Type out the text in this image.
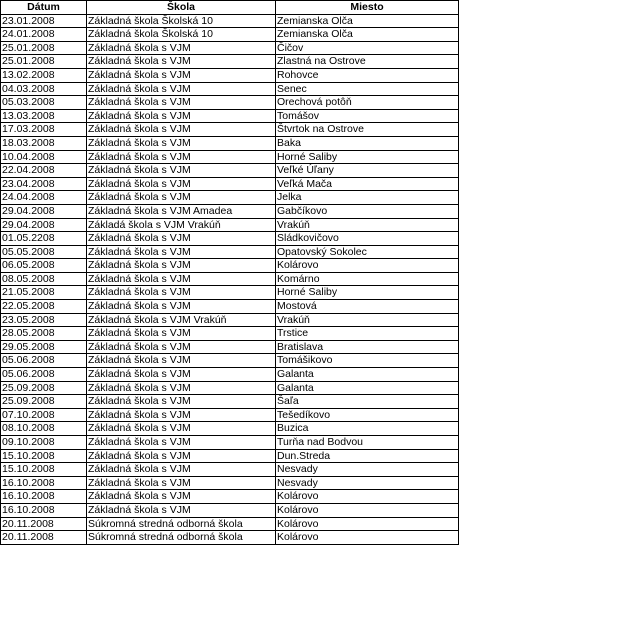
Dátum	Škola	Miesto
23.01.2008	Základná škola Školská 10	Zemianska Olča
24.01.2008	Základná škola Školská 10	Zemianska Olča
25.01.2008	Základná škola s VJM	Čičov
25.01.2008	Základná škola s VJM	Zlastná na Ostrove
13.02.2008	Základná škola s VJM	Rohovce
04.03.2008	Základná škola s VJM	Senec
05.03.2008	Základná škola s VJM	Orechová potôň
13.03.2008	Základná škola s VJM	Tomášov
17.03.2008	Základná škola s VJM	Štvrtok na Ostrove
18.03.2008	Základná škola s VJM	Baka
10.04.2008	Základná škola s VJM	Horné Saliby
22.04.2008	Základná škola s VJM	Veľké Úľany
23.04.2008	Základná škola s VJM	Veľká Mača
24.04.2008	Základná škola s VJM	Jelka
29.04.2008	Základná škola s VJM Amadea	Gabčíkovo
29.04.2008	Základá škola s VJM Vrakúň	Vrakúň
01.05.2208	Základná škola s VJM	Sládkovičovo
05.05.2008	Základná škola s VJM	Opatovský Sokolec
06.05.2008	Základná škola s VJM	Kolárovo
08.05.2008	Základná škola s VJM	Komárno
21.05.2008	Základná škola s VJM	Horné Saliby
22.05.2008	Základná škola s VJM	Mostová
23.05.2008	Základná škola s VJM Vrakúň	Vrakúň
28.05.2008	Základná škola s VJM	Trstice
29.05.2008	Základná škola s VJM	Bratislava
05.06.2008	Základná škola s VJM	Tomášikovo
05.06.2008	Základná škola s VJM	Galanta
25.09.2008	Základná škola s VJM	Galanta
25.09.2008	Základná škola s VJM	Šaľa
07.10.2008	Základná škola s VJM	Tešedíkovo
08.10.2008	Základná škola s VJM	Buzica
09.10.2008	Základná škola s VJM	Turňa nad Bodvou
15.10.2008	Základná škola s VJM	Dun.Streda
15.10.2008	Základná škola s VJM	Nesvady
16.10.2008	Základná škola s VJM	Nesvady
16.10.2008	Základná škola s VJM	Kolárovo
16.10.2008	Základná škola s VJM	Kolárovo
20.11.2008	Súkromná stredná odborná škola	Kolárovo
20.11.2008	Súkromná stredná odborná škola	Kolárovo
